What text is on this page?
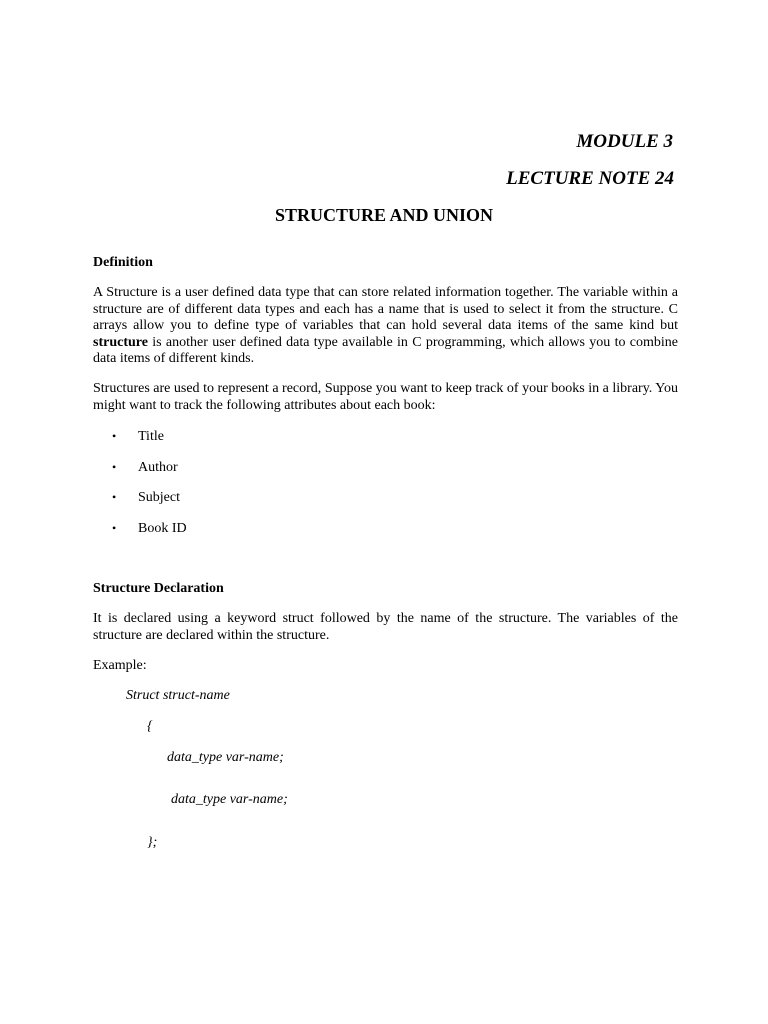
MODULE 3
LECTURE NOTE 24
STRUCTURE AND UNION
Definition

A Structure is a user defined data type that can store related information together. The variable within a structure are of different data types and each has a name that is used to select it from the structure. C arrays allow you to define type of variables that can hold several data items of the same kind but structure is another user defined data type available in C programming, which allows you to combine data items of different kinds.

Structures are used to represent a record, Suppose you want to keep track of your books in a library. You might want to track the following attributes about each book:

• Title
• Author
• Subject
• Book ID
Structure Declaration

It is declared using a keyword struct followed by the name of the structure. The variables of the structure are declared within the structure.

Example:
Struct struct-name
{
data_type var-name;
data_type var-name;
};
